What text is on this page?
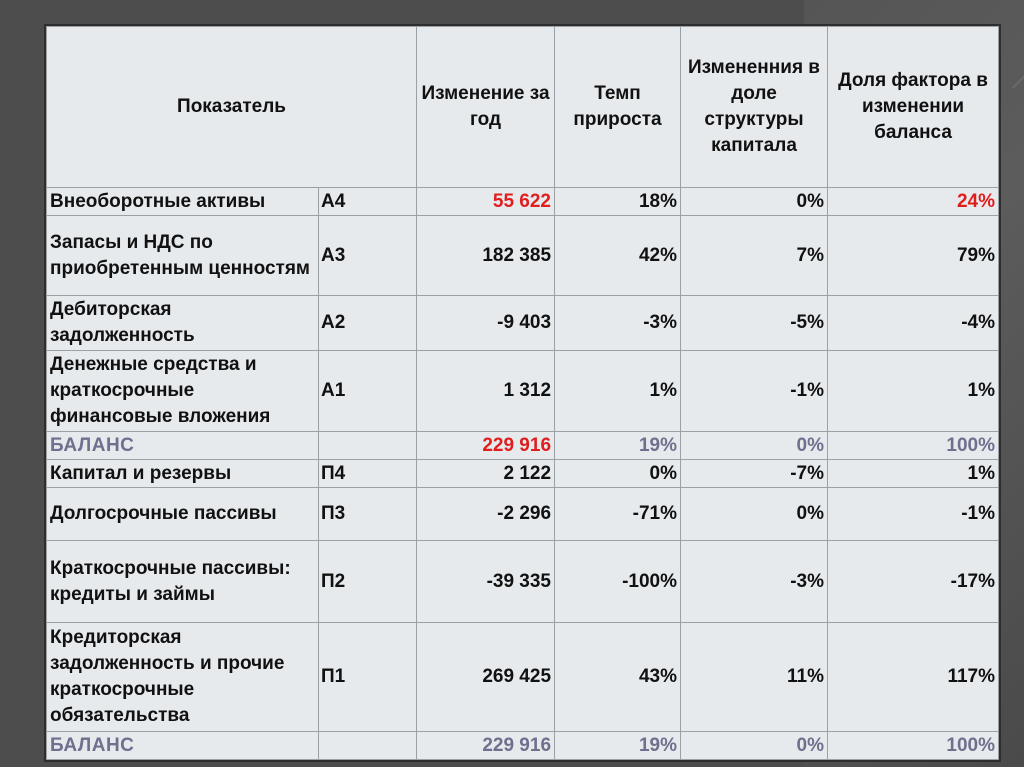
Показатель		Изменение за год	Темп прироста	Измененния в доле структуры капитала	Доля фактора в изменении баланса
Внеоборотные активы	А4	55 622	18%	0%	24%
Запасы и НДС по приобретенным ценностям	А3	182 385	42%	7%	79%
Дебиторская задолженность	А2	-9 403	-3%	-5%	-4%
Денежные средства и краткосрочные финансовые вложения	А1	1 312	1%	-1%	1%
БАЛАНС		229 916	19%	0%	100%
Капитал и резервы	П4	2 122	0%	-7%	1%
Долгосрочные пассивы	П3	-2 296	-71%	0%	-1%
Краткосрочные пассивы: кредиты и займы	П2	-39 335	-100%	-3%	-17%
Кредиторская задолженность и прочие краткосрочные обязательства	П1	269 425	43%	11%	117%
БАЛАНС		229 916	19%	0%	100%
